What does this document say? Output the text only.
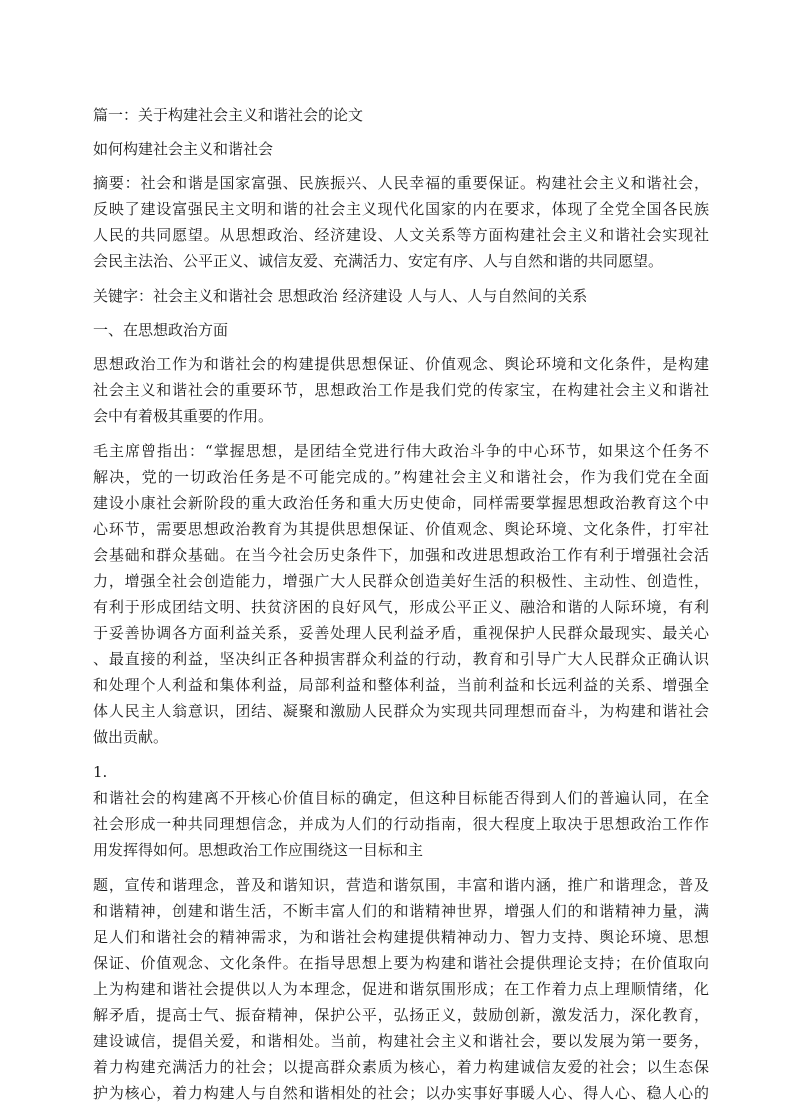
篇一：关于构建社会主义和谐社会的论文

如何构建社会主义和谐社会

摘要：社会和谐是国家富强、民族振兴、人民幸福的重要保证。构建社会主义和谐社会，

反映了建设富强民主文明和谐的社会主义现代化国家的内在要求，体现了全党全国各民族

人民的共同愿望。从思想政治、经济建设、人文关系等方面构建社会主义和谐社会实现社

会民主法治、公平正义、诚信友爱、充满活力、安定有序、人与自然和谐的共同愿望。

关键字：社会主义和谐社会 思想政治 经济建设 人与人、人与自然间的关系

一、在思想政治方面

思想政治工作为和谐社会的构建提供思想保证、价值观念、舆论环境和文化条件，是构建

社会主义和谐社会的重要环节，思想政治工作是我们党的传家宝，在构建社会主义和谐社

会中有着极其重要的作用。

毛主席曾指出：“掌握思想，是团结全党进行伟大政治斗争的中心环节，如果这个任务不

解决，党的一切政治任务是不可能完成的。”构建社会主义和谐社会，作为我们党在全面

建设小康社会新阶段的重大政治任务和重大历史使命，同样需要掌握思想政治教育这个中

心环节，需要思想政治教育为其提供思想保证、价值观念、舆论环境、文化条件，打牢社

会基础和群众基础。在当今社会历史条件下，加强和改进思想政治工作有利于增强社会活

力，增强全社会创造能力，增强广大人民群众创造美好生活的积极性、主动性、创造性，

有利于形成团结文明、扶贫济困的良好风气，形成公平正义、融洽和谐的人际环境，有利

于妥善协调各方面利益关系，妥善处理人民利益矛盾，重视保护人民群众最现实、最关心

、最直接的利益，坚决纠正各种损害群众利益的行动，教育和引导广大人民群众正确认识

和处理个人利益和集体利益，局部利益和整体利益，当前利益和长远利益的关系、增强全

体人民主人翁意识，团结、凝聚和激励人民群众为实现共同理想而奋斗，为构建和谐社会

做出贡献。

1.

和谐社会的构建离不开核心价值目标的确定，但这种目标能否得到人们的普遍认同，在全

社会形成一种共同理想信念，并成为人们的行动指南，很大程度上取决于思想政治工作作

用发挥得如何。思想政治工作应围绕这一目标和主

题，宣传和谐理念，普及和谐知识，营造和谐氛围，丰富和谐内涵，推广和谐理念，普及

和谐精神，创建和谐生活，不断丰富人们的和谐精神世界，增强人们的和谐精神力量，满

足人们和谐社会的精神需求，为和谐社会构建提供精神动力、智力支持、舆论环境、思想

保证、价值观念、文化条件。在指导思想上要为构建和谐社会提供理论支持；在价值取向

上为构建和谐社会提供以人为本理念，促进和谐氛围形成；在工作着力点上理顺情绪，化

解矛盾，提高士气、振奋精神，保护公平，弘扬正义，鼓励创新，激发活力，深化教育，

建设诚信，提倡关爱，和谐相处。当前，构建社会主义和谐社会，要以发展为第一要务，

着力构建充满活力的社会；以提高群众素质为核心，着力构建诚信友爱的社会；以生态保

护为核心，着力构建人与自然和谐相处的社会；以办实事好事暖人心、得人心、稳人心的
